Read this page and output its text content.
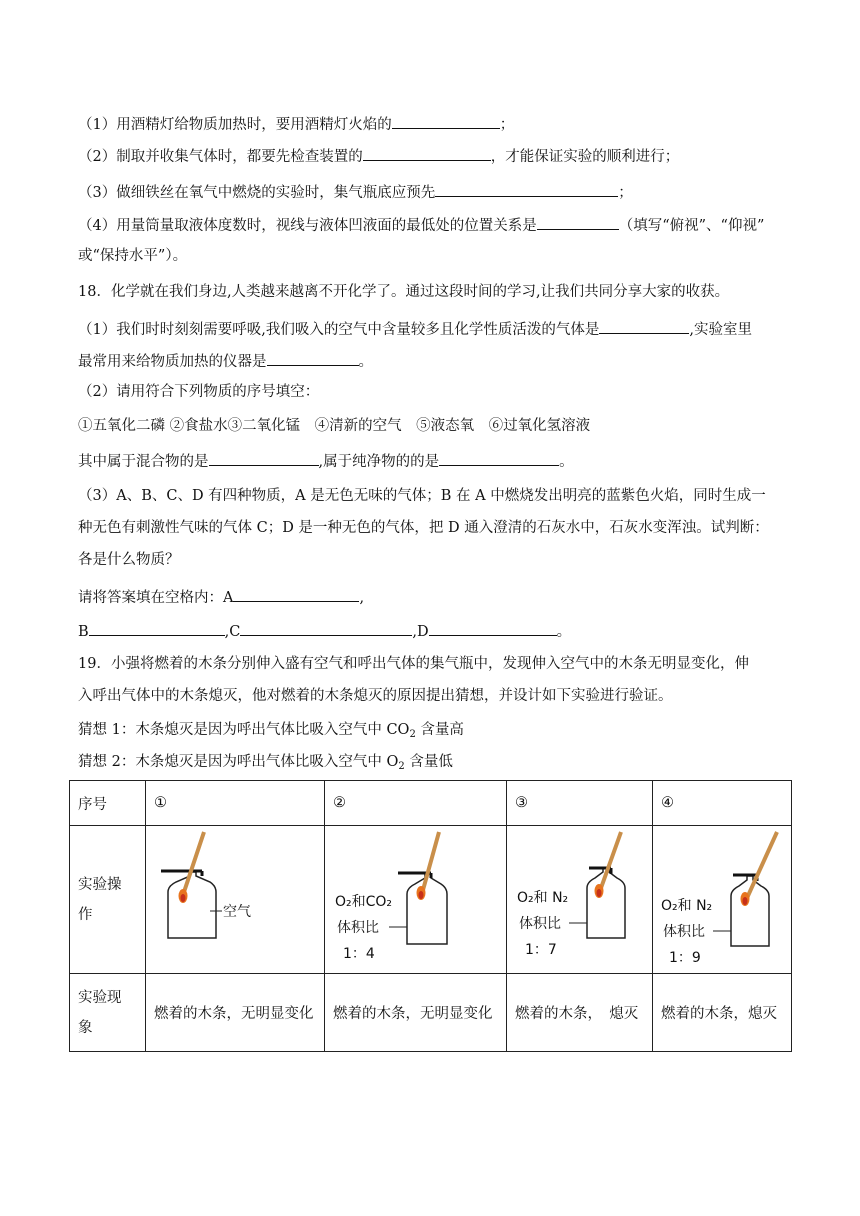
（1）用酒精灯给物质加热时，要用酒精灯火焰的	；
（2）制取并收集气体时，都要先检查装置的	，才能保证实验的顺利进行；
（3）做细铁丝在氧气中燃烧的实验时，集气瓶底应预先	；
（4）用量筒量取液体度数时，视线与液体凹液面的最低处的位置关系是	（填写“俯视”、“仰视”
或“保持水平”）。
18．化学就在我们身边,人类越来越离不开化学了。通过这段时间的学习,让我们共同分享大家的收获。
（1）我们时时刻刻需要呼吸,我们吸入的空气中含量较多且化学性质活泼的气体是	,实验室里
最常用来给物质加热的仪器是	。
（2）请用符合下列物质的序号填空：
①五氧化二磷 ②食盐水③二氧化锰　④清新的空气　⑤液态氧　⑥过氧化氢溶液
其中属于混合物的是	,属于纯净物的的是	。
（3）A、B、C、D 有四种物质，A 是无色无味的气体；B 在 A 中燃烧发出明亮的蓝紫色火焰，同时生成一
种无色有刺激性气味的气体 C；D 是一种无色的气体，把 D 通入澄清的石灰水中，石灰水变浑浊。试判断：
各是什么物质？
请将答案填在空格内：A	,
B	,C	,D	。
19．小强将燃着的木条分别伸入盛有空气和呼出气体的集气瓶中，发现伸入空气中的木条无明显变化，伸
入呼出气体中的木条熄灭，他对燃着的木条熄灭的原因提出猜想，并设计如下实验进行验证。
猜想 1：木条熄灭是因为呼出气体比吸入空气中 $CO_2$ 含量高
猜想 2：木条熄灭是因为呼出气体比吸入空气中 $O_2$ 含量低
序号	①	②	③	④

实验操作	空气	O₂和CO₂
体积比
1：4	O₂和 N₂
体积比
1：7	O₂和 N₂
体积比
1：9

实验现象	燃着的木条，无明显变化	燃着的木条，无明显变化	燃着的木条，　熄灭	燃着的木条，熄灭
